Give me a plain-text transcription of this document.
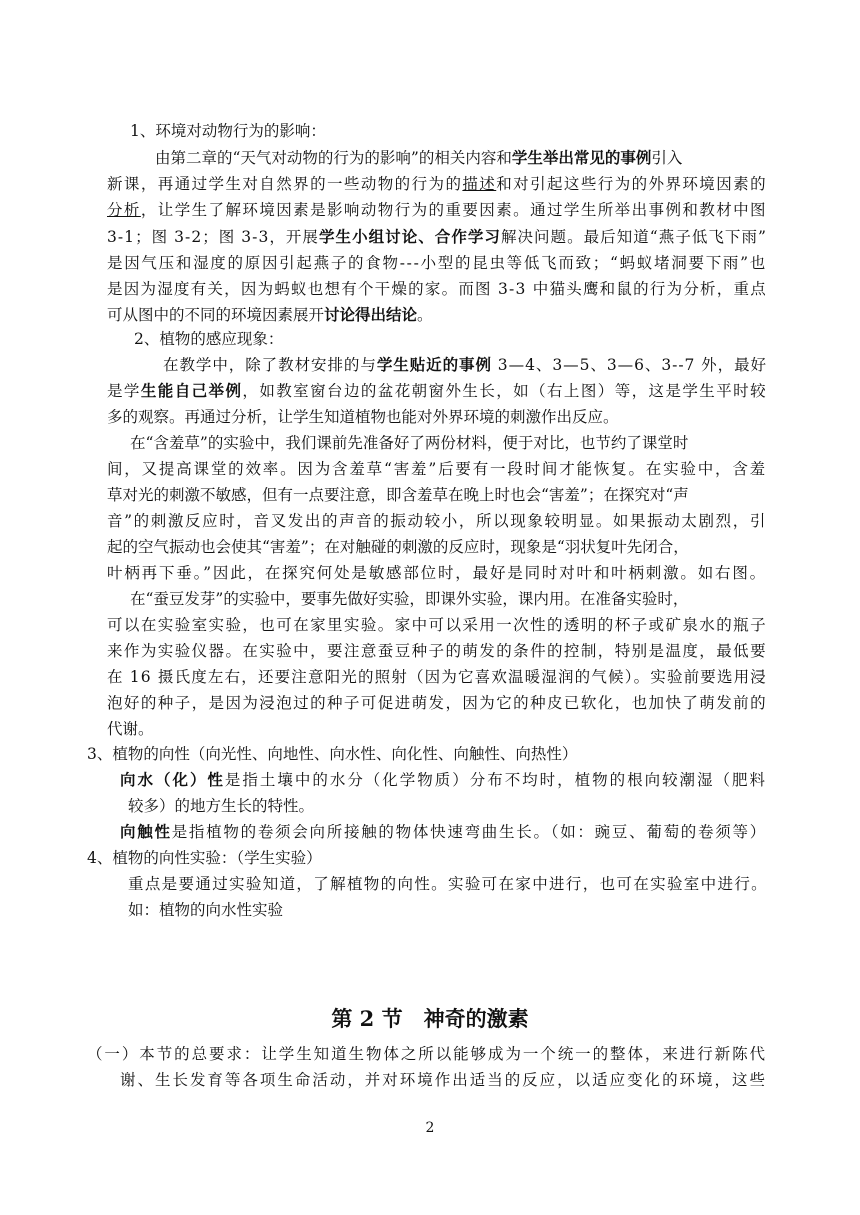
1、环境对动物行为的影响：
由第二章的“天气对动物的行为的影响”的相关内容和学生举出常见的事例引入
新课，再通过学生对自然界的一些动物的行为的描述和对引起这些行为的外界环境因素的
分析，让学生了解环境因素是影响动物行为的重要因素。通过学生所举出事例和教材中图
3-1；图 3-2；图 3-3，开展学生小组讨论、合作学习解决问题。最后知道“燕子低飞下雨”
是因气压和湿度的原因引起燕子的食物---小型的昆虫等低飞而致；“蚂蚁堵洞要下雨”也
是因为湿度有关，因为蚂蚁也想有个干燥的家。而图 3-3 中猫头鹰和鼠的行为分析，重点
可从图中的不同的环境因素展开讨论得出结论。
2、植物的感应现象：
在教学中，除了教材安排的与学生贴近的事例 3—4、3—5、3—6、3--7 外，最好
是学生能自己举例，如教室窗台边的盆花朝窗外生长，如（右上图）等，这是学生平时较
多的观察。再通过分析，让学生知道植物也能对外界环境的刺激作出反应。
在“含羞草”的实验中，我们课前先准备好了两份材料，便于对比，也节约了课堂时
间，又提高课堂的效率。因为含羞草“害羞”后要有一段时间才能恢复。在实验中，含羞
草对光的刺激不敏感，但有一点要注意，即含羞草在晚上时也会“害羞”；在探究对“声
音”的刺激反应时，音叉发出的声音的振动较小，所以现象较明显。如果振动太剧烈，引
起的空气振动也会使其“害羞”；在对触碰的刺激的反应时，现象是“羽状复叶先闭合，
叶柄再下垂。”因此，在探究何处是敏感部位时，最好是同时对叶和叶柄刺激。如右图。
在“蚕豆发芽”的实验中，要事先做好实验，即课外实验，课内用。在准备实验时，
可以在实验室实验，也可在家里实验。家中可以采用一次性的透明的杯子或矿泉水的瓶子
来作为实验仪器。在实验中，要注意蚕豆种子的萌发的条件的控制，特别是温度，最低要
在 16 摄氏度左右，还要注意阳光的照射（因为它喜欢温暖湿润的气候）。实验前要选用浸
泡好的种子，是因为浸泡过的种子可促进萌发，因为它的种皮已软化，也加快了萌发前的
代谢。
3、植物的向性（向光性、向地性、向水性、向化性、向触性、向热性）
向水（化）性是指土壤中的水分（化学物质）分布不均时，植物的根向较潮湿（肥料
较多）的地方生长的特性。
向触性是指植物的卷须会向所接触的物体快速弯曲生长。（如：豌豆、葡萄的卷须等）
4、植物的向性实验：（学生实验）
重点是要通过实验知道，了解植物的向性。实验可在家中进行，也可在实验室中进行。
如：植物的向水性实验
（一）本节的总要求：让学生知道生物体之所以能够成为一个统一的整体，来进行新陈代
谢、生长发育等各项生命活动，并对环境作出适当的反应，以适应变化的环境，这些
第 2 节　神奇的激素
2
